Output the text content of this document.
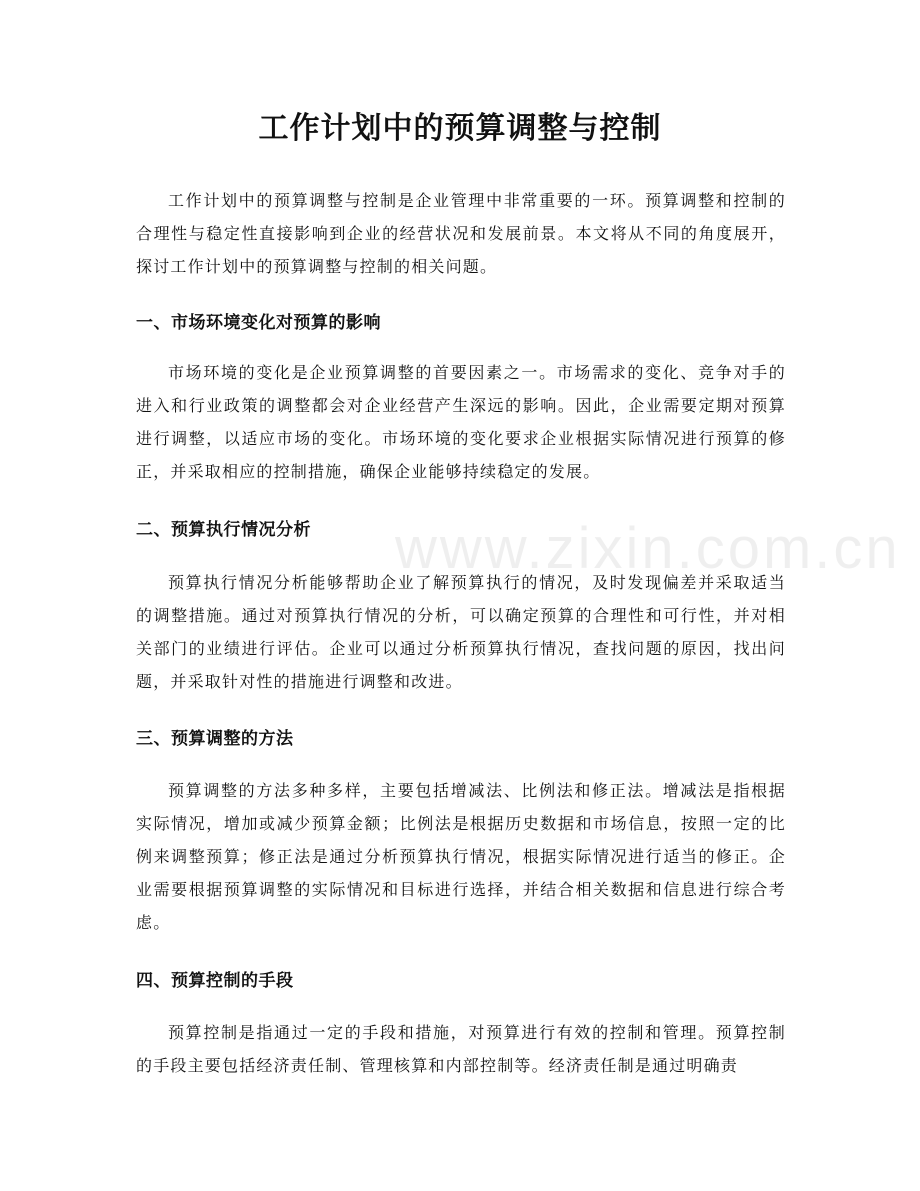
工作计划中的预算调整与控制

工作计划中的预算调整与控制是企业管理中非常重要的一环。预算调整和控制的合理性与稳定性直接影响到企业的经营状况和发展前景。本文将从不同的角度展开，探讨工作计划中的预算调整与控制的相关问题。

一、市场环境变化对预算的影响

市场环境的变化是企业预算调整的首要因素之一。市场需求的变化、竞争对手的进入和行业政策的调整都会对企业经营产生深远的影响。因此，企业需要定期对预算进行调整，以适应市场的变化。市场环境的变化要求企业根据实际情况进行预算的修正，并采取相应的控制措施，确保企业能够持续稳定的发展。

二、预算执行情况分析

预算执行情况分析能够帮助企业了解预算执行的情况，及时发现偏差并采取适当的调整措施。通过对预算执行情况的分析，可以确定预算的合理性和可行性，并对相关部门的业绩进行评估。企业可以通过分析预算执行情况，查找问题的原因，找出问题，并采取针对性的措施进行调整和改进。

三、预算调整的方法

预算调整的方法多种多样，主要包括增减法、比例法和修正法。增减法是指根据实际情况，增加或减少预算金额；比例法是根据历史数据和市场信息，按照一定的比例来调整预算；修正法是通过分析预算执行情况，根据实际情况进行适当的修正。企业需要根据预算调整的实际情况和目标进行选择，并结合相关数据和信息进行综合考虑。

四、预算控制的手段

预算控制是指通过一定的手段和措施，对预算进行有效的控制和管理。预算控制的手段主要包括经济责任制、管理核算和内部控制等。经济责任制是通过明确责

www.zixin.com.cn
